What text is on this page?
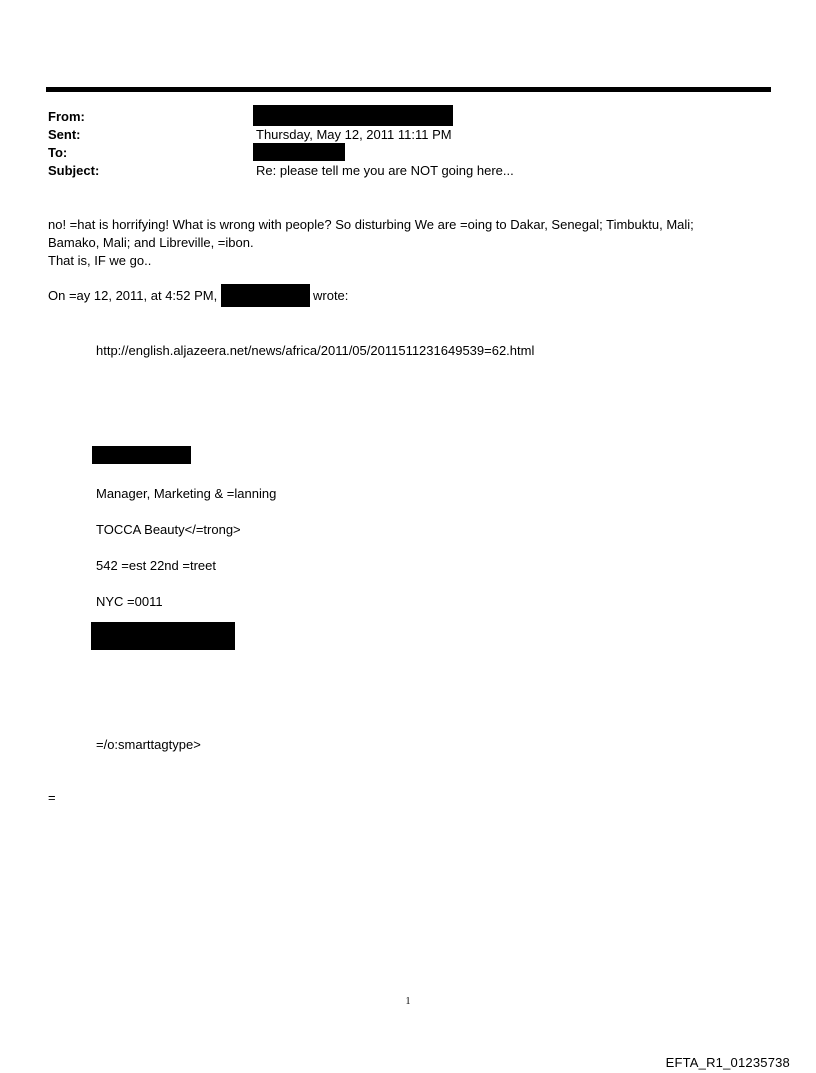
From:
Sent:	Thursday, May 12, 2011 11:11 PM
To:
Subject:	Re: please tell me you are NOT going here...
no! =hat is horrifying! What is wrong with people? So disturbing We are =oing to Dakar, Senegal; Timbuktu, Mali;
Bamako, Mali; and Libreville, =ibon.
That is, IF we go..
On =ay 12, 2011, at 4:52 PM,	wrote:
http://english.aljazeera.net/news/africa/2011/05/2011511231649539=62.html
Manager, Marketing & =lanning
TOCCA Beauty</=trong>
542 =est 22nd =treet
NYC =0011
=/o:smarttagtype>
=
1
EFTA_R1_01235738
